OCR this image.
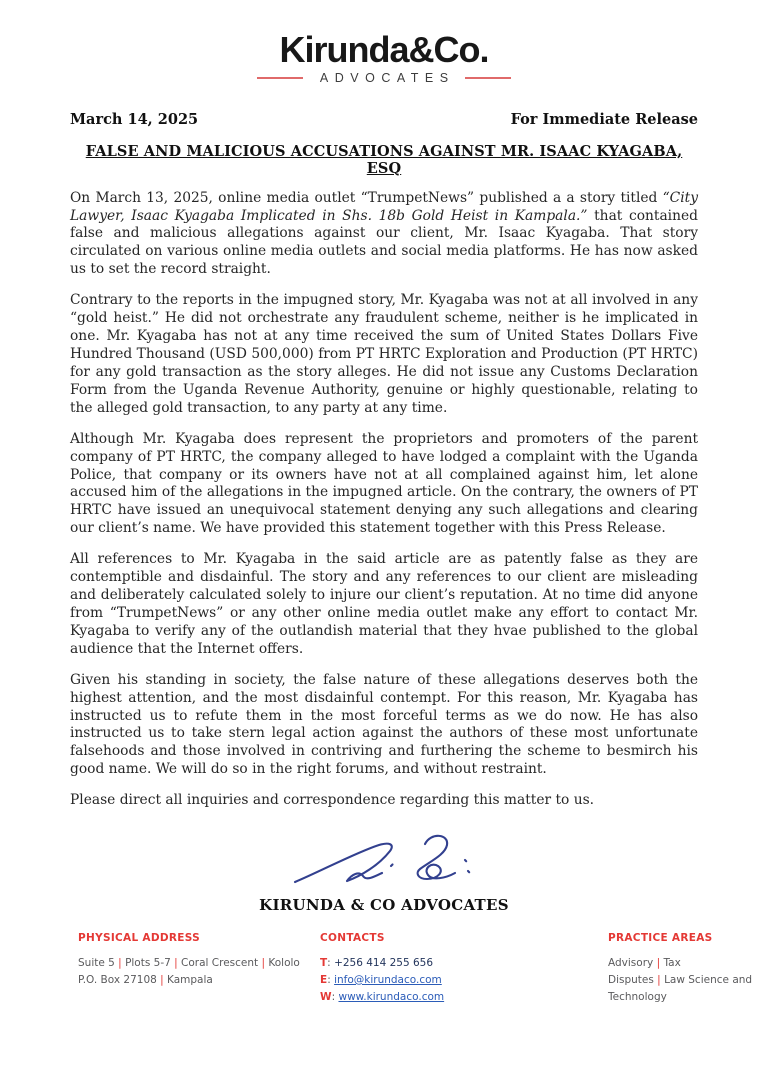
Kirunda&Co.
ADVOCATES
March 14, 2025	For Immediate Release
FALSE AND MALICIOUS ACCUSATIONS AGAINST MR. ISAAC KYAGABA, ESQ

On March 13, 2025, online media outlet “TrumpetNews” published a a story titled “City Lawyer, Isaac Kyagaba Implicated in Shs. 18b Gold Heist in Kampala.” that contained false and malicious allegations against our client, Mr. Isaac Kyagaba. That story circulated on various online media outlets and social media platforms. He has now asked us to set the record straight.

Contrary to the reports in the impugned story, Mr. Kyagaba was not at all involved in any “gold heist.” He did not orchestrate any fraudulent scheme, neither is he implicated in one. Mr. Kyagaba has not at any time received the sum of United States Dollars Five Hundred Thousand (USD 500,000) from PT HRTC Exploration and Production (PT HRTC) for any gold transaction as the story alleges. He did not issue any Customs Declaration Form from the Uganda Revenue Authority, genuine or highly questionable, relating to the alleged gold transaction, to any party at any time.

Although Mr. Kyagaba does represent the proprietors and promoters of the parent company of PT HRTC, the company alleged to have lodged a complaint with the Uganda Police, that company or its owners have not at all complained against him, let alone accused him of the allegations in the impugned article. On the contrary, the owners of PT HRTC have issued an unequivocal statement denying any such allegations and clearing our client’s name. We have provided this statement together with this Press Release.

All references to Mr. Kyagaba in the said article are as patently false as they are contemptible and disdainful. The story and any references to our client are misleading and deliberately calculated solely to injure our client’s reputation. At no time did anyone from “TrumpetNews” or any other online media outlet make any effort to contact Mr. Kyagaba to verify any of the outlandish material that they hvae published to the global audience that the Internet offers.

Given his standing in society, the false nature of these allegations deserves both the highest attention, and the most disdainful contempt. For this reason, Mr. Kyagaba has instructed us to refute them in the most forceful terms as we do now. He has also instructed us to take stern legal action against the authors of these most unfortunate falsehoods and those involved in contriving and furthering the scheme to besmirch his good name. We will do so in the right forums, and without restraint.

Please direct all inquiries and correspondence regarding this matter to us.

KIRUNDA & CO ADVOCATES
PHYSICAL ADDRESS
Suite 5 | Plots 5-7 | Coral Crescent | Kololo
P.O. Box 27108 | Kampala
CONTACTS
T: +256 414 255 656
E: info@kirundaco.com
W: www.kirundaco.com
PRACTICE AREAS
Advisory | Tax
Disputes | Law Science and Technology
